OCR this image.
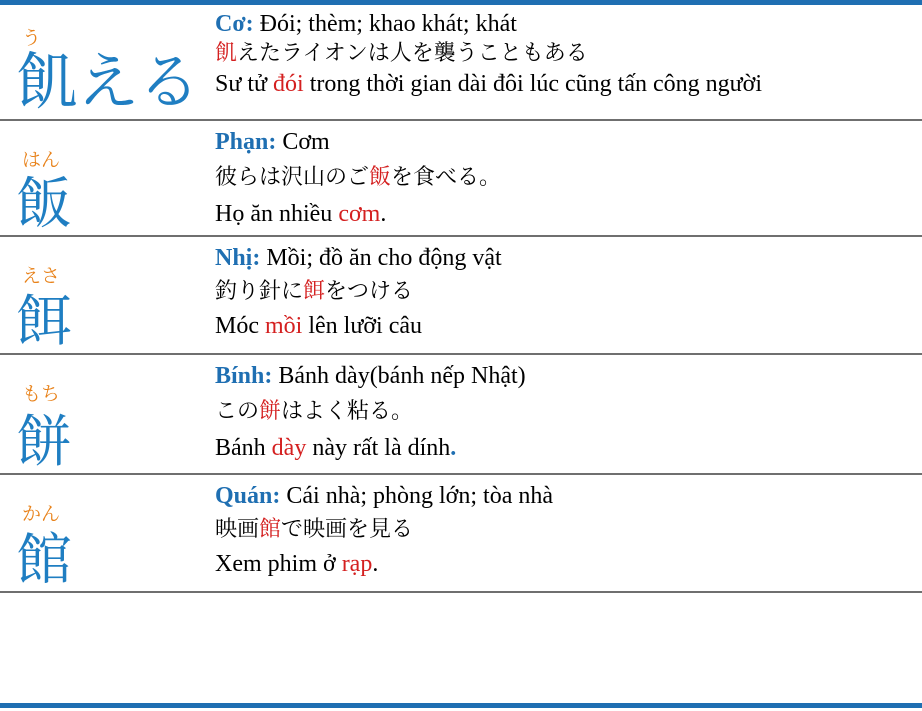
う
飢える
Cơ: Đói; thèm; khao khát; khát
飢えたライオンは人を襲うこともある
Sư tử đói trong thời gian dài đôi lúc cũng tấn công người
はん
飯
Phạn: Cơm
彼らは沢山のご飯を食べる。
Họ ăn nhiều cơm.
えさ
餌
Nhị: Mồi; đồ ăn cho động vật
釣り針に餌をつける
Móc mồi lên lưỡi câu
もち
餅
Bính: Bánh dày(bánh nếp Nhật)
この餅はよく粘る。
Bánh dày này rất là dính.
かん
館
Quán: Cái nhà; phòng lớn; tòa nhà
映画館で映画を見る
Xem phim ở rạp.
